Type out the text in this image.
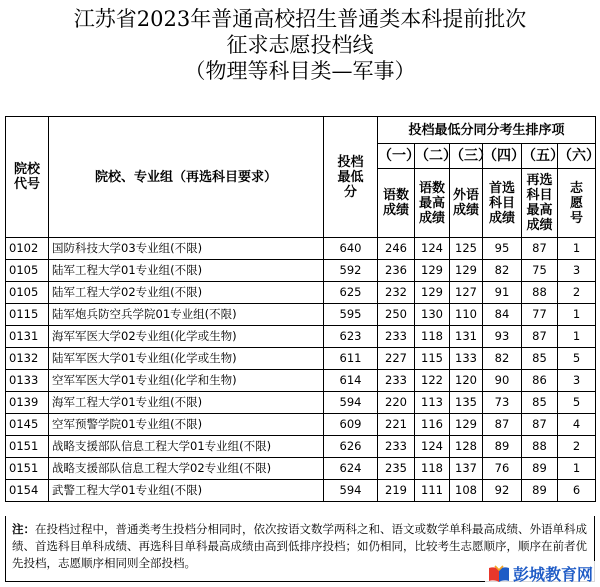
江苏省2023年普通高校招生普通类本科提前批次
征求志愿投档线
（物理等科目类—军事）
院校代号	院校、专业组（再选科目要求）	投档最低分	投档最低分同分考生排序项					
			（一）	（二）	（三）	（四）	（五）	（六）
			语数成绩	语数最高成绩	外语成绩	首选科目成绩	再选科目最高成绩	志愿号
0102	国防科技大学03专业组(不限)	640	246	124	125	95	87	1
0105	陆军工程大学01专业组(不限)	592	236	129	129	82	75	3
0105	陆军工程大学02专业组(不限)	625	232	129	127	91	88	2
0115	陆军炮兵防空兵学院01专业组(不限)	595	250	130	110	84	77	1
0131	海军军医大学02专业组(化学或生物)	623	233	118	131	93	87	1
0132	陆军军医大学01专业组(化学或生物)	611	227	115	133	82	85	5
0133	空军军医大学01专业组(化学和生物)	614	233	122	120	90	86	3
0139	海军工程大学01专业组(不限)	594	220	113	135	73	85	5
0145	空军预警学院01专业组(不限)	609	221	116	129	87	87	4
0151	战略支援部队信息工程大学01专业组(不限)	626	233	124	128	89	88	2
0151	战略支援部队信息工程大学02专业组(不限)	624	235	118	137	76	89	1
0154	武警工程大学01专业组(不限)	594	219	111	108	92	89	6
注：在投档过程中，普通类考生投档分相同时，依次按语文数学两科之和、语文或数学单科最高成绩、外语单科成绩、首选科目单科成绩、再选科目单科最高成绩由高到低排序投档；如仍相同，比较考生志愿顺序，顺序在前者优先投档，志愿顺序相同则全部投档。
彭城教育网
